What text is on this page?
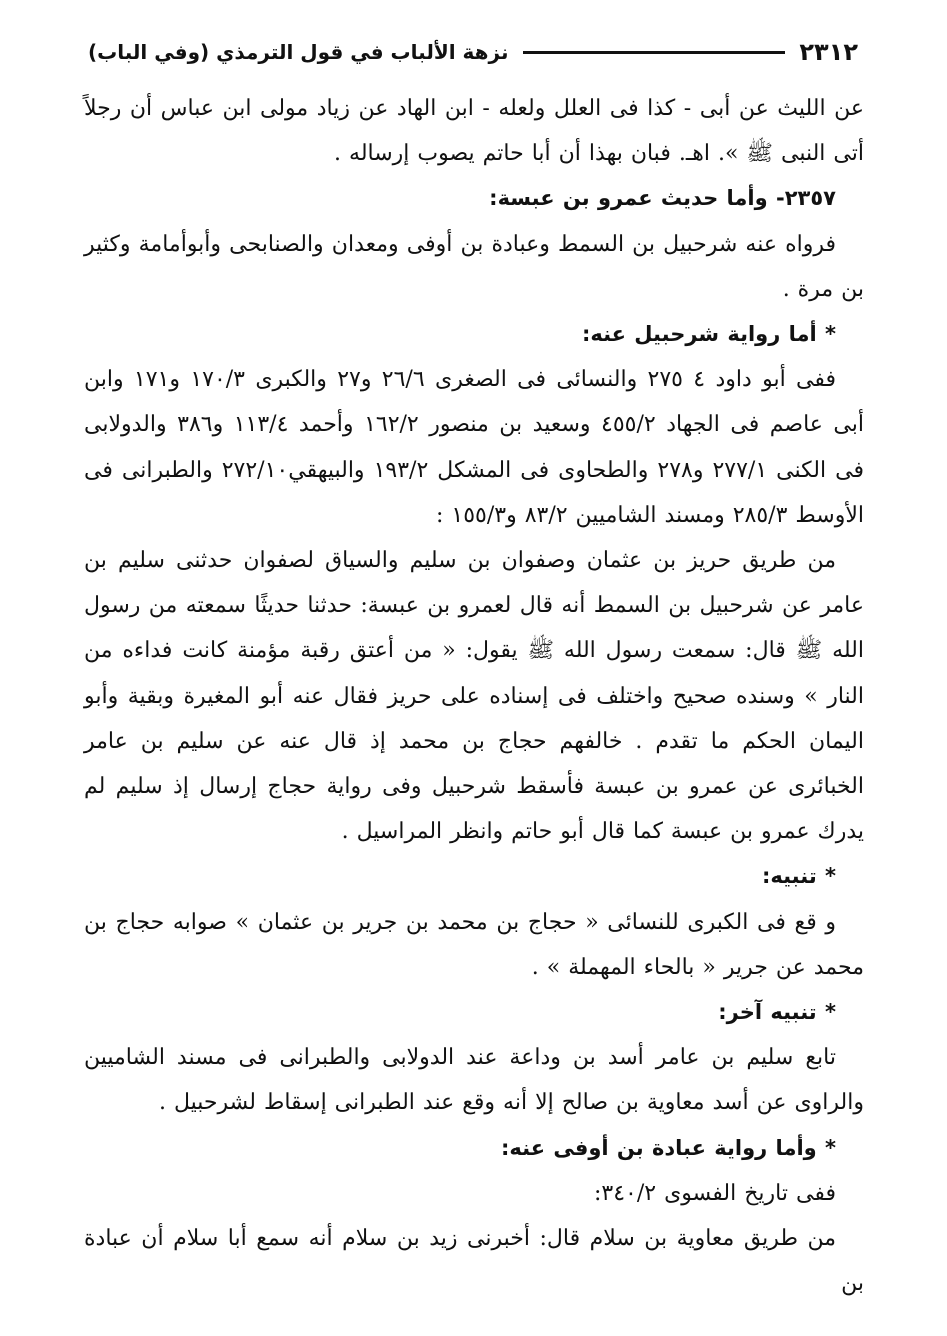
٢٣١٢
نزهة الألباب في قول الترمذي (وفي الباب)

عن الليث عن أبى - كذا فى العلل ولعله - ابن الهاد عن زياد مولى ابن عباس أن رجلاً أتى النبى ﷺ ». اهـ. فبان بهذا أن أبا حاتم يصوب إرساله .

٢٣٥٧- وأما حديث عمرو بن عبسة:

فرواه عنه شرحبيل بن السمط وعبادة بن أوفى ومعدان والصنابحى وأبوأمامة وكثير بن مرة .

* أما رواية شرحبيل عنه:

ففى أبو داود ٤ ٢٧٥ والنسائى فى الصغرى ٢٦/٦ و٢٧ والكبرى ١٧٠/٣ و١٧١ وابن أبى عاصم فى الجهاد ٤٥٥/٢ وسعيد بن منصور ١٦٢/٢ وأحمد ١١٣/٤ و٣٨٦ والدولابى فى الكنى ٢٧٧/١ و٢٧٨ والطحاوى فى المشكل ١٩٣/٢ والبيهقي٢٧٢/١٠ والطبرانى فى الأوسط ٢٨٥/٣ ومسند الشاميين ٨٣/٢ و١٥٥/٣ :

من طريق حريز بن عثمان وصفوان بن سليم والسياق لصفوان حدثنى سليم بن عامر عن شرحبيل بن السمط أنه قال لعمرو بن عبسة: حدثنا حديثًا سمعته من رسول الله ﷺ قال: سمعت رسول الله ﷺ يقول: « من أعتق رقبة مؤمنة كانت فداءه من النار » وسنده صحيح واختلف فى إسناده على حريز فقال عنه أبو المغيرة وبقية وأبو اليمان الحكم ما تقدم . خالفهم حجاج بن محمد إذ قال عنه عن سليم بن عامر الخبائرى عن عمرو بن عبسة فأسقط شرحبيل وفى رواية حجاج إرسال إذ سليم لم يدرك عمرو بن عبسة كما قال أبو حاتم وانظر المراسيل .

* تنبيه:

و قع فى الكبرى للنسائى « حجاج بن محمد بن جرير بن عثمان » صوابه حجاج بن محمد عن جرير « بالحاء المهملة » .

* تنبيه آخر:

تابع سليم بن عامر أسد بن وداعة عند الدولابى والطبرانى فى مسند الشاميين والراوى عن أسد معاوية بن صالح إلا أنه وقع عند الطبرانى إسقاط لشرحبيل .

* وأما رواية عبادة بن أوفى عنه:

ففى تاريخ الفسوى ٣٤٠/٢:

من طريق معاوية بن سلام قال: أخبرنى زيد بن سلام أنه سمع أبا سلام أن عبادة بن
